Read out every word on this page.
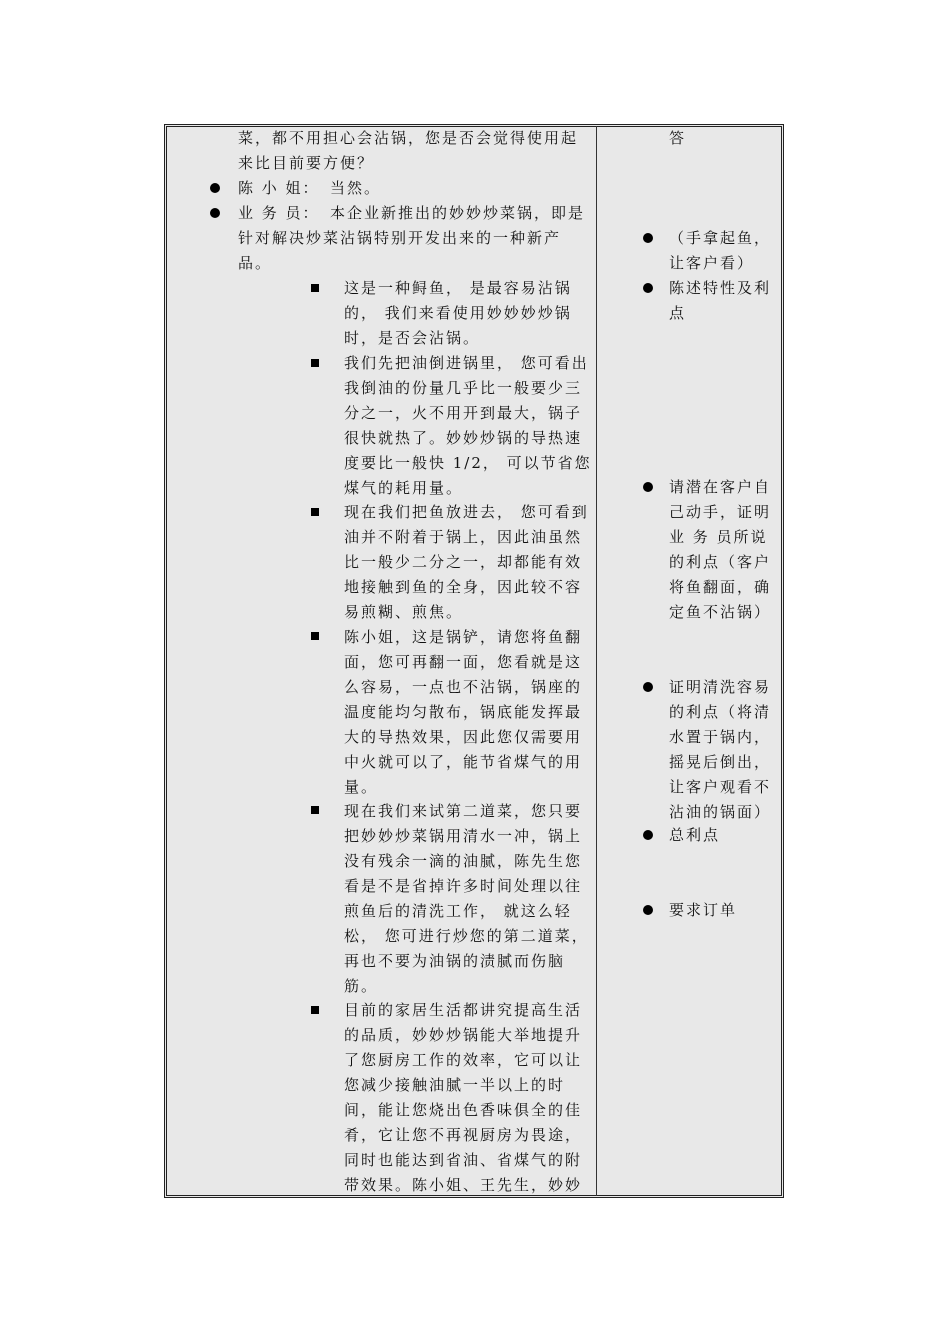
菜，都不用担心会沾锅，您是否会觉得使用起
来比目前要方便？
陈 小 姐： 当然。
业 务 员： 本企业新推出的妙妙炒菜锅，即是
针对解决炒菜沾锅特别开发出来的一种新产
品。
这是一种鲟鱼， 是最容易沾锅
的， 我们来看使用妙妙妙炒锅
时，是否会沾锅。
我们先把油倒进锅里， 您可看出
我倒油的份量几乎比一般要少三
分之一，火不用开到最大，锅子
很快就热了。妙妙炒锅的导热速
度要比一般快 1/2， 可以节省您
煤气的耗用量。
现在我们把鱼放进去， 您可看到
油并不附着于锅上，因此油虽然
比一般少二分之一，却都能有效
地接触到鱼的全身，因此较不容
易煎糊、煎焦。
陈小姐，这是锅铲，请您将鱼翻
面，您可再翻一面，您看就是这
么容易，一点也不沾锅，锅座的
温度能均匀散布，锅底能发挥最
大的导热效果，因此您仅需要用
中火就可以了，能节省煤气的用
量。
现在我们来试第二道菜，您只要
把妙妙炒菜锅用清水一冲，锅上
没有残余一滴的油腻，陈先生您
看是不是省掉许多时间处理以往
煎鱼后的清洗工作， 就这么轻
松， 您可进行炒您的第二道菜，
再也不要为油锅的渍腻而伤脑
筋。
目前的家居生活都讲究提高生活
的品质，妙妙炒锅能大举地提升
了您厨房工作的效率，它可以让
您减少接触油腻一半以上的时
间，能让您烧出色香味俱全的佳
肴，它让您不再视厨房为畏途，
同时也能达到省油、省煤气的附
带效果。陈小姐、王先生，妙妙
答
（手拿起鱼，
让客户看）
陈述特性及利
点
请潜在客户自
己动手，证明
业 务 员所说
的利点（客户
将鱼翻面，确
定鱼不沾锅）
证明清洗容易
的利点（将清
水置于锅内，
摇晃后倒出，
让客户观看不
沾油的锅面）
总利点
要求订单
